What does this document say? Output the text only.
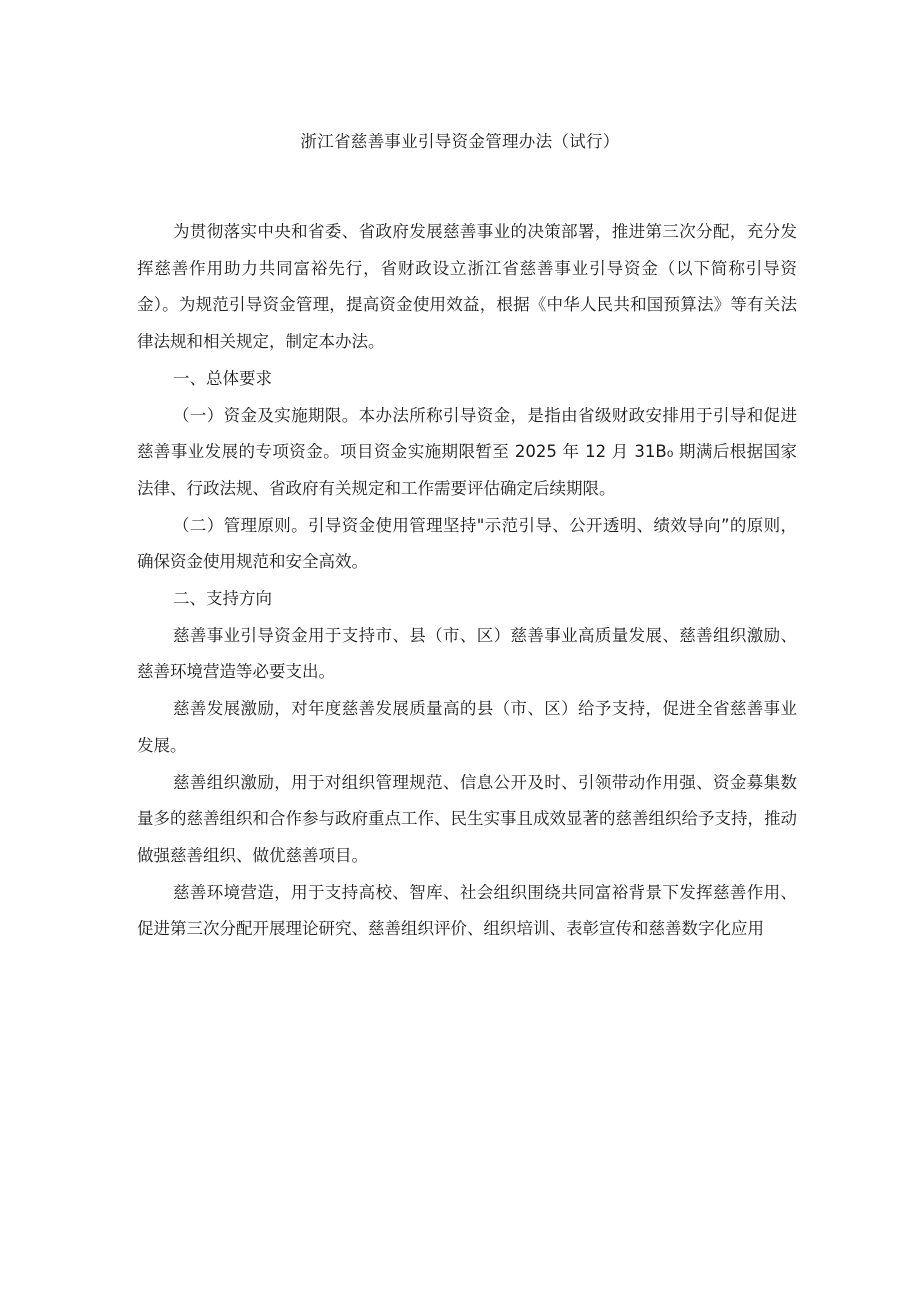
浙江省慈善事业引导资金管理办法（试行）

为贯彻落实中央和省委、省政府发展慈善事业的决策部署，推进第三次分配，充分发挥慈善作用助力共同富裕先行，省财政设立浙江省慈善事业引导资金（以下简称引导资金）。为规范引导资金管理，提高资金使用效益，根据《中华人民共和国预算法》等有关法律法规和相关规定，制定本办法。

一、总体要求

（一）资金及实施期限。本办法所称引导资金，是指由省级财政安排用于引导和促进慈善事业发展的专项资金。项目资金实施期限暂至 2025 年 12 月 31B₀ 期满后根据国家法律、行政法规、省政府有关规定和工作需要评估确定后续期限。

（二）管理原则。引导资金使用管理坚持"示范引导、公开透明、绩效导向”的原则，确保资金使用规范和安全高效。

二、支持方向

慈善事业引导资金用于支持市、县（市、区）慈善事业高质量发展、慈善组织激励、慈善环境营造等必要支出。

慈善发展激励，对年度慈善发展质量高的县（市、区）给予支持，促进全省慈善事业发展。

慈善组织激励，用于对组织管理规范、信息公开及时、引领带动作用强、资金募集数量多的慈善组织和合作参与政府重点工作、民生实事且成效显著的慈善组织给予支持，推动做强慈善组织、做优慈善项目。

慈善环境营造，用于支持高校、智库、社会组织围绕共同富裕背景下发挥慈善作用、促进第三次分配开展理论研究、慈善组织评价、组织培训、表彰宣传和慈善数字化应用
